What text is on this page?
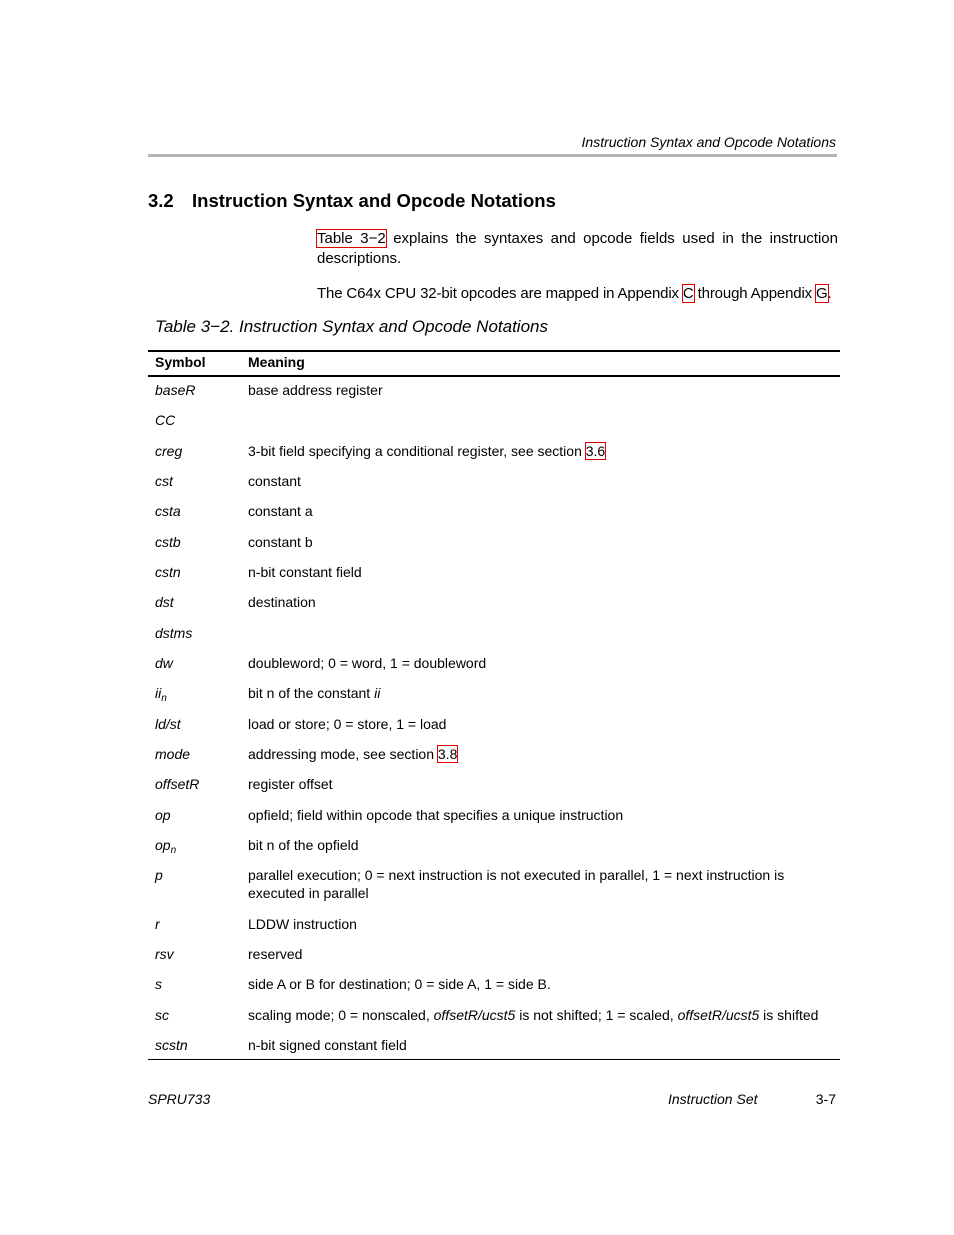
Instruction Syntax and Opcode Notations
3.2 Instruction Syntax and Opcode Notations
Table 3−2 explains the syntaxes and opcode fields used in the instruction descriptions.
The C64x CPU 32-bit opcodes are mapped in Appendix C through Appendix G.
Table 3−2. Instruction Syntax and Opcode Notations
Symbol	Meaning
baseR	base address register
CC
creg	3-bit field specifying a conditional register, see section 3.6
cst	constant
csta	constant a
cstb	constant b
cstn	n-bit constant field
dst	destination
dstms
dw	doubleword; 0 = word, 1 = doubleword
$ii_n$	bit n of the constant ii
ld/st	load or store; 0 = store, 1 = load
mode	addressing mode, see section 3.8
offsetR	register offset
op	opfield; field within opcode that specifies a unique instruction
$op_n$	bit n of the opfield
p	parallel execution; 0 = next instruction is not executed in parallel, 1 = next instruction is executed in parallel
r	LDDW instruction
rsv	reserved
s	side A or B for destination; 0 = side A, 1 = side B.
sc	scaling mode; 0 = nonscaled, offsetR/ucst5 is not shifted; 1 = scaled, offsetR/ucst5 is shifted
scstn	n-bit signed constant field
SPRU733	Instruction Set	3-7
